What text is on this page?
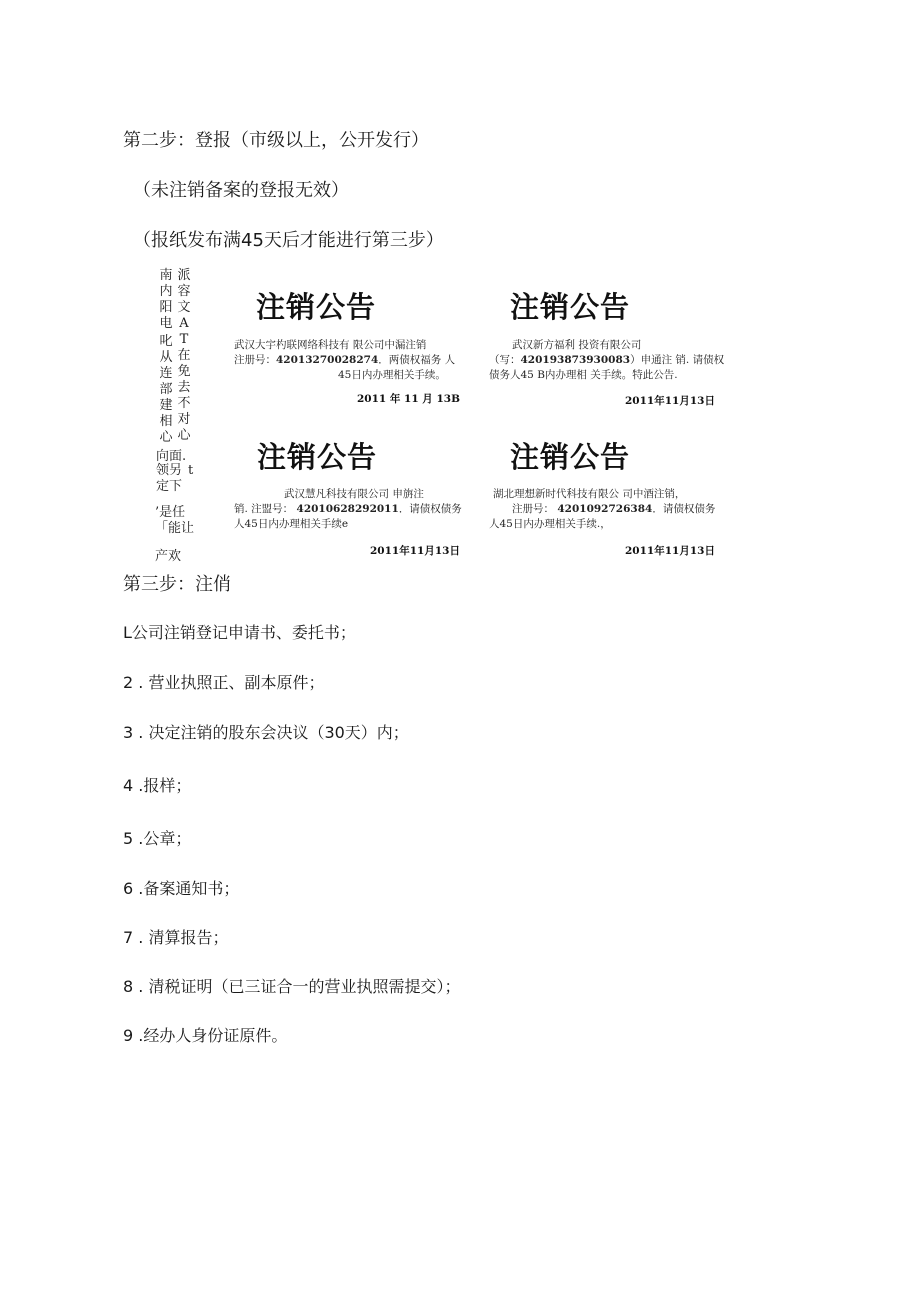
第二步：登报（市级以上，公开发行）
（未注销备案的登报无效）
（报纸发布满45天后才能进行第三步）
派容文A
T
在免去
不对心
南内阳电
叱从连部
建相心
向面.
领另 t
定下
’是任
「能让
产欢
注销公告
武汉大宇杓联网络科技有 限公司中漏注销
注册号：420132700282​74．两债权福务 人
45日内办理相关手续。
2011 年 11 月 13B
注销公告
武汉新方福利 投资有限公司
（写：420193873930083）申通注 销. 请债权
债务人45 B内办理相 关手续。特此公告.
2011年11月13日
注销公告
武汉慧凡科技有限公司 申旃注
销. 注盟号： 420106282920​11．请债权债务
人45日内办理相关手续e
2011年11月13日
注销公告
湖北理想新时代科技有限公 司中酒注销，
注册号： 4201092726384．请债权债务
人45日内办理相关手续.，
2011年11月13日
第三步：注俏
L公司注销登记申请书、委托书；
2 . 营业执照正、副本原件；
3 . 决定注销的股东会决议（30天）内；
4 .报样；
5 .公章；
6 .备案通知书；
7 . 清算报告；
8 . 清税证明（已三证合一的营业执照需提交）；
9 .经办人身份证原件。
